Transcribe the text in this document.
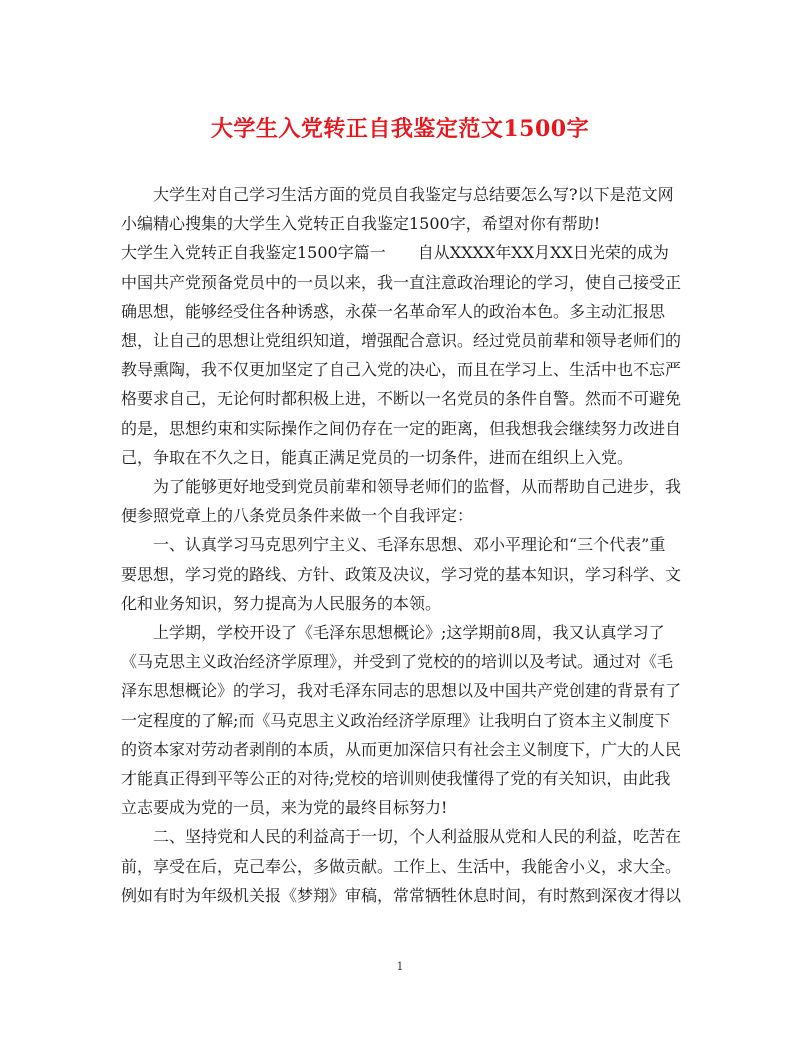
大学生入党转正自我鉴定范文1500字

大学生对自己学习生活方面的党员自我鉴定与总结要怎么写?以下是范文网小编精心搜集的大学生入党转正自我鉴定1500字，希望对你有帮助!

大学生入党转正自我鉴定1500字篇一　　自从XXXX年XX月XX日光荣的成为中国共产党预备党员中的一员以来，我一直注意政治理论的学习，使自己接受正确思想，能够经受住各种诱惑，永葆一名革命军人的政治本色。多主动汇报思想，让自己的思想让党组织知道，增强配合意识。经过党员前辈和领导老师们的教导熏陶，我不仅更加坚定了自己入党的决心，而且在学习上、生活中也不忘严格要求自己，无论何时都积极上进，不断以一名党员的条件自警。然而不可避免的是，思想约束和实际操作之间仍存在一定的距离，但我想我会继续努力改进自己，争取在不久之日，能真正满足党员的一切条件，进而在组织上入党。

为了能够更好地受到党员前辈和领导老师们的监督，从而帮助自己进步，我便参照党章上的八条党员条件来做一个自我评定：

一、认真学习马克思列宁主义、毛泽东思想、邓小平理论和“三个代表”重要思想，学习党的路线、方针、政策及决议，学习党的基本知识，学习科学、文化和业务知识，努力提高为人民服务的本领。

上学期，学校开设了《毛泽东思想概论》;这学期前8周，我又认真学习了《马克思主义政治经济学原理》，并受到了党校的的培训以及考试。通过对《毛泽东思想概论》的学习，我对毛泽东同志的思想以及中国共产党创建的背景有了一定程度的了解;而《马克思主义政治经济学原理》让我明白了资本主义制度下的资本家对劳动者剥削的本质，从而更加深信只有社会主义制度下，广大的人民才能真正得到平等公正的对待;党校的培训则使我懂得了党的有关知识，由此我立志要成为党的一员，来为党的最终目标努力!

二、坚持党和人民的利益高于一切，个人利益服从党和人民的利益，吃苦在前，享受在后，克己奉公，多做贡献。工作上、生活中，我能舍小义，求大全。例如有时为年级机关报《梦翔》审稿，常常牺牲休息时间，有时熬到深夜才得以

1
